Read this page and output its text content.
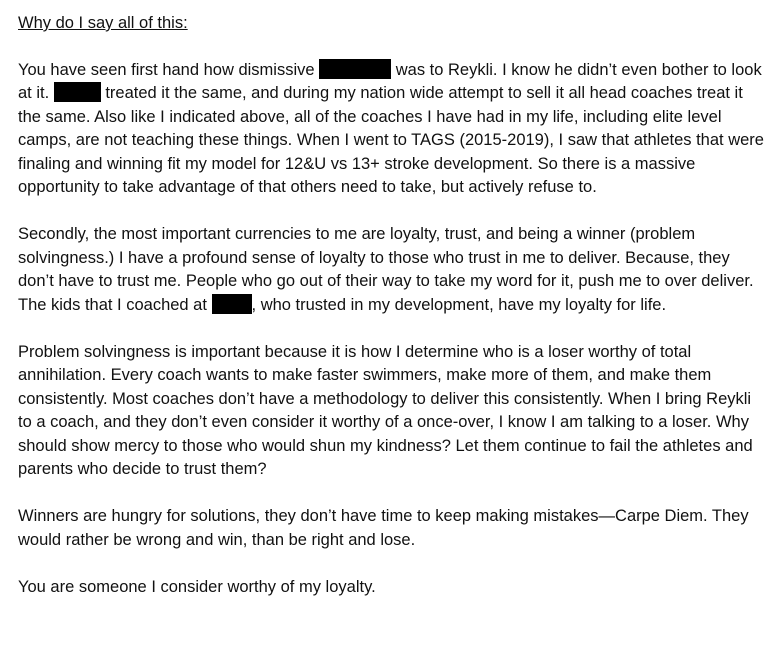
Why do I say all of this:

You have seen first hand how dismissive	was to Reykli. I know he didn’t even bother to look at it.	treated it the same, and during my nation wide attempt to sell it all head coaches treat it the same. Also like I indicated above, all of the coaches I have had in my life, including elite level camps, are not teaching these things. When I went to TAGS (2015-2019), I saw that athletes that were finaling and winning fit my model for 12&U vs 13+ stroke development. So there is a massive opportunity to take advantage of that others need to take, but actively refuse to.

Secondly, the most important currencies to me are loyalty, trust, and being a winner (problem solvingness.) I have a profound sense of loyalty to those who trust in me to deliver. Because, they don’t have to trust me. People who go out of their way to take my word for it, push me to over deliver. The kids that I coached at , who trusted in my development, have my loyalty for life.

Problem solvingness is important because it is how I determine who is a loser worthy of total annihilation. Every coach wants to make faster swimmers, make more of them, and make them consistently. Most coaches don’t have a methodology to deliver this consistently. When I bring Reykli to a coach, and they don’t even consider it worthy of a once-over, I know I am talking to a loser. Why should show mercy to those who would shun my kindness? Let them continue to fail the athletes and parents who decide to trust them?

Winners are hungry for solutions, they don’t have time to keep making mistakes—Carpe Diem. They would rather be wrong and win, than be right and lose.

You are someone I consider worthy of my loyalty.
